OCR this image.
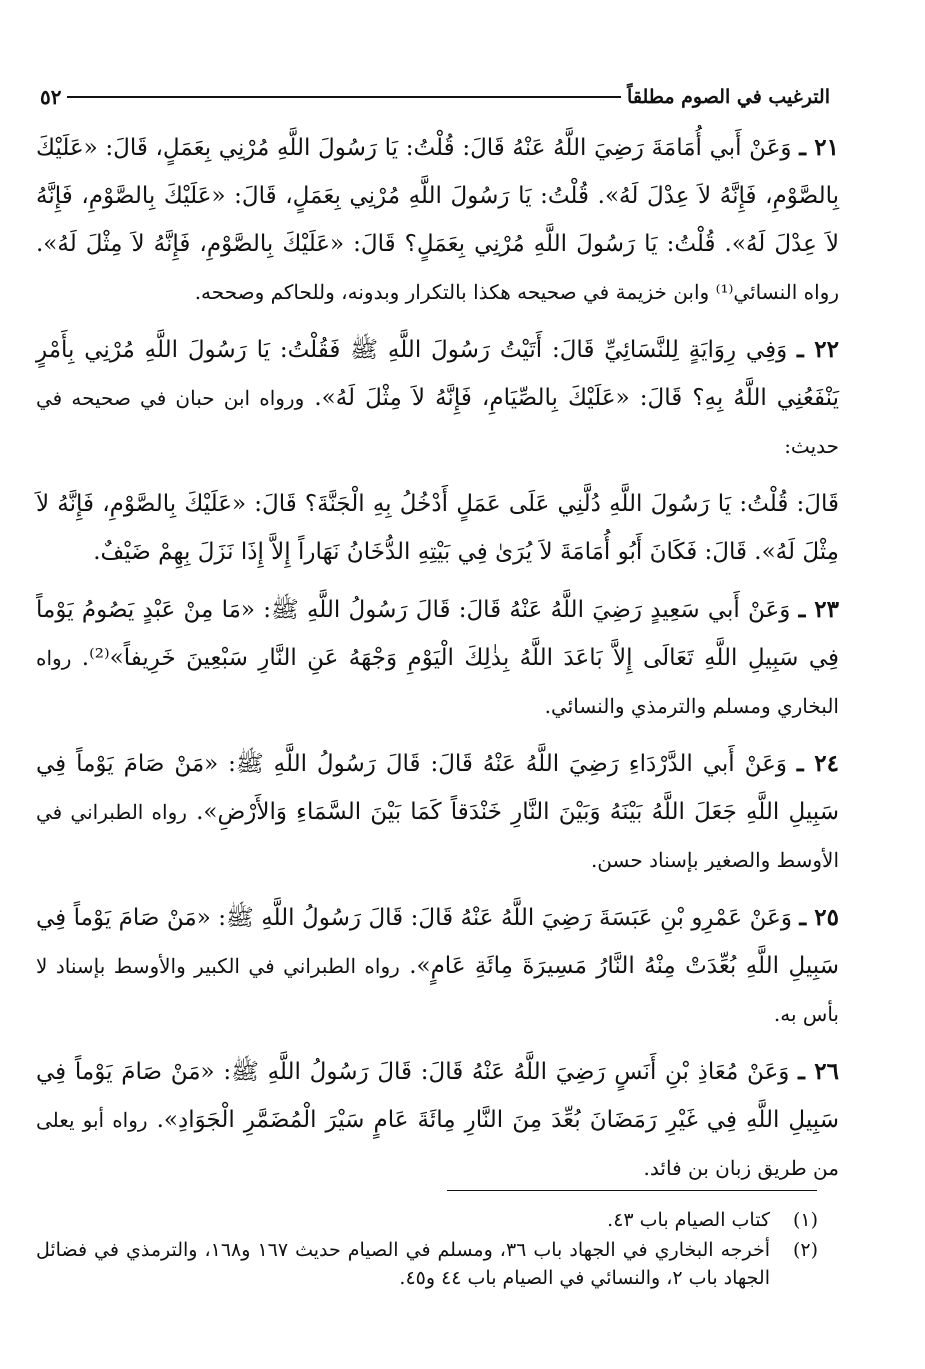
الترغيب في الصوم مطلقاً
٥٢

٢١ ـ وَعَنْ أَبي أُمَامَةَ رَضِيَ اللَّهُ عَنْهُ قَالَ: قُلْتُ: يَا رَسُولَ اللَّهِ مُرْنِي بِعَمَلٍ، قَالَ: «عَلَيْكَ بِالصَّوْمِ، فَإِنَّهُ لاَ عِدْلَ لَهُ». قُلْتُ: يَا رَسُولَ اللَّهِ مُرْنِي بِعَمَلٍ، قَالَ: «عَلَيْكَ بِالصَّوْمِ، فَإِنَّهُ لاَ عِدْلَ لَهُ». قُلْتُ: يَا رَسُولَ اللَّهِ مُرْنِي بِعَمَلٍ؟ قَالَ: «عَلَيْكَ بِالصَّوْمِ، فَإِنَّهُ لاَ مِثْلَ لَهُ». رواه النسائي⁽¹⁾ وابن خزيمة في صحيحه هكذا بالتكرار وبدونه، وللحاكم وصححه.

٢٢ ـ وَفِي رِوَايَةٍ لِلنَّسَائِيِّ قَالَ: أَتَيْتُ رَسُولَ اللَّهِ ﷺ فَقُلْتُ: يَا رَسُولَ اللَّهِ مُرْنِي بِأَمْرٍ يَنْفَعُنِي اللَّهُ بِهِ؟ قَالَ: «عَلَيْكَ بِالصِّيَامِ، فَإِنَّهُ لاَ مِثْلَ لَهُ». ورواه ابن حبان في صحيحه في حديث:

قَالَ: قُلْتُ: يَا رَسُولَ اللَّهِ دُلَّنِي عَلَى عَمَلٍ أَدْخُلُ بِهِ الْجَنَّةَ؟ قَالَ: «عَلَيْكَ بِالصَّوْمِ، فَإِنَّهُ لاَ مِثْلَ لَهُ». قَالَ: فَكَانَ أَبُو أُمَامَةَ لاَ يُرَىٰ فِي بَيْتِهِ الدُّخَانُ نَهَاراً إِلاَّ إِذَا نَزَلَ بِهِمْ ضَيْفٌ.

٢٣ ـ وَعَنْ أَبي سَعِيدٍ رَضِيَ اللَّهُ عَنْهُ قَالَ: قَالَ رَسُولُ اللَّهِ ﷺ: «مَا مِنْ عَبْدٍ يَصُومُ يَوْماً فِي سَبِيلِ اللَّهِ تَعَالَى إِلاَّ بَاعَدَ اللَّهُ بِذٰلِكَ الْيَوْمِ وَجْهَهُ عَنِ النَّارِ سَبْعِينَ خَرِيفاً»⁽²⁾. رواه البخاري ومسلم والترمذي والنسائي.

٢٤ ـ وَعَنْ أَبي الدَّرْدَاءِ رَضِيَ اللَّهُ عَنْهُ قَالَ: قَالَ رَسُولُ اللَّهِ ﷺ: «مَنْ صَامَ يَوْماً فِي سَبِيلِ اللَّهِ جَعَلَ اللَّهُ بَيْنَهُ وَبَيْنَ النَّارِ خَنْدَقاً كَمَا بَيْنَ السَّمَاءِ وَالأَرْضِ». رواه الطبراني في الأوسط والصغير بإسناد حسن.

٢٥ ـ وَعَنْ عَمْرِو بْنِ عَبَسَةَ رَضِيَ اللَّهُ عَنْهُ قَالَ: قَالَ رَسُولُ اللَّهِ ﷺ: «مَنْ صَامَ يَوْماً فِي سَبِيلِ اللَّهِ بُعِّدَتْ مِنْهُ النَّارُ مَسِيرَةَ مِائَةِ عَامٍ». رواه الطبراني في الكبير والأوسط بإسناد لا بأس به.

٢٦ ـ وَعَنْ مُعَاذِ بْنِ أَنَسٍ رَضِيَ اللَّهُ عَنْهُ قَالَ: قَالَ رَسُولُ اللَّهِ ﷺ: «مَنْ صَامَ يَوْماً فِي سَبِيلِ اللَّهِ فِي غَيْرِ رَمَضَانَ بُعِّدَ مِنَ النَّارِ مِائَةَ عَامٍ سَيْرَ الْمُضَمَّرِ الْجَوَادِ». رواه أبو يعلى من طريق زبان بن فائد.

(١)
كتاب الصيام باب ٤٣.
(٢)
أخرجه البخاري في الجهاد باب ٣٦، ومسلم في الصيام حديث ١٦٧ و١٦٨، والترمذي في فضائل الجهاد باب ٢، والنسائي في الصيام باب ٤٤ و٤٥.
